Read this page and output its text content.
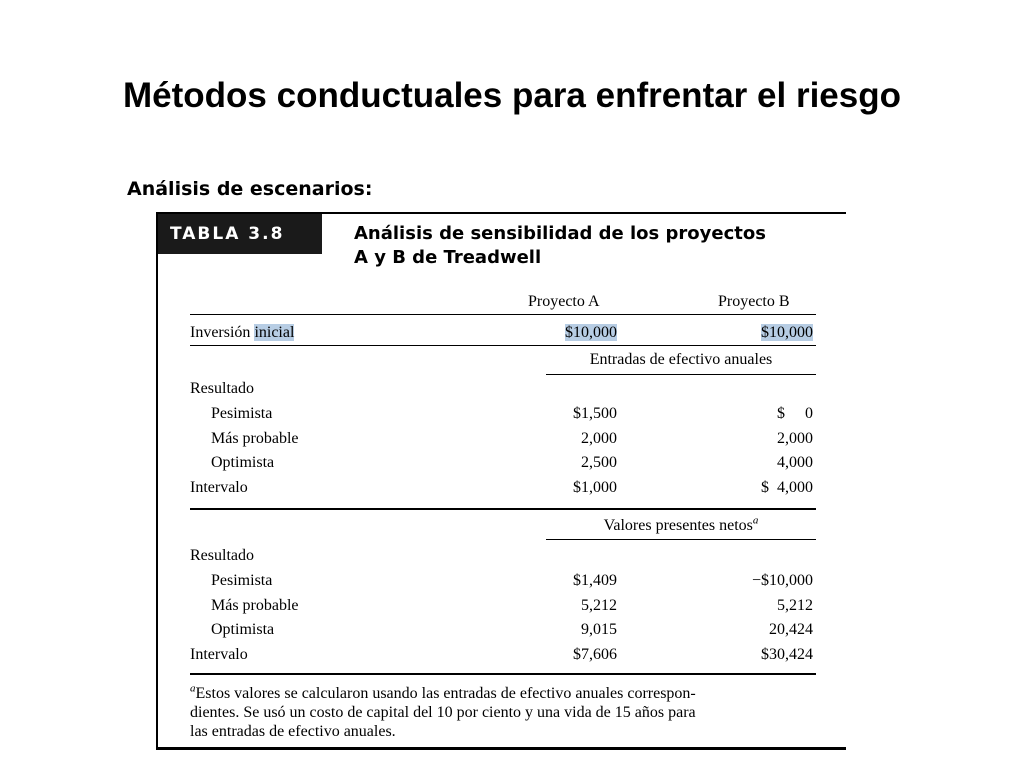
Métodos conductuales para enfrentar el riesgo
Análisis de escenarios:
TABLA 3.8	Análisis de sensibilidad de los proyectos
A y B de Treadwell
Proyecto A	Proyecto B
Inversión inicial	$10,000	$10,000
Entradas de efectivo anuales
Resultado
Pesimista	$1,500	$     0
Más probable	2,000	2,000
Optimista	2,500	4,000
Intervalo	$1,000	$  4,000
Valores presentes netos$^a$
Resultado
Pesimista	$1,409	−$10,000
Más probable	5,212	5,212
Optimista	9,015	20,424
Intervalo	$7,606	$30,424
$^a$Estos valores se calcularon usando las entradas de efectivo anuales correspon-
dientes. Se usó un costo de capital del 10 por ciento y una vida de 15 años para
las entradas de efectivo anuales.
